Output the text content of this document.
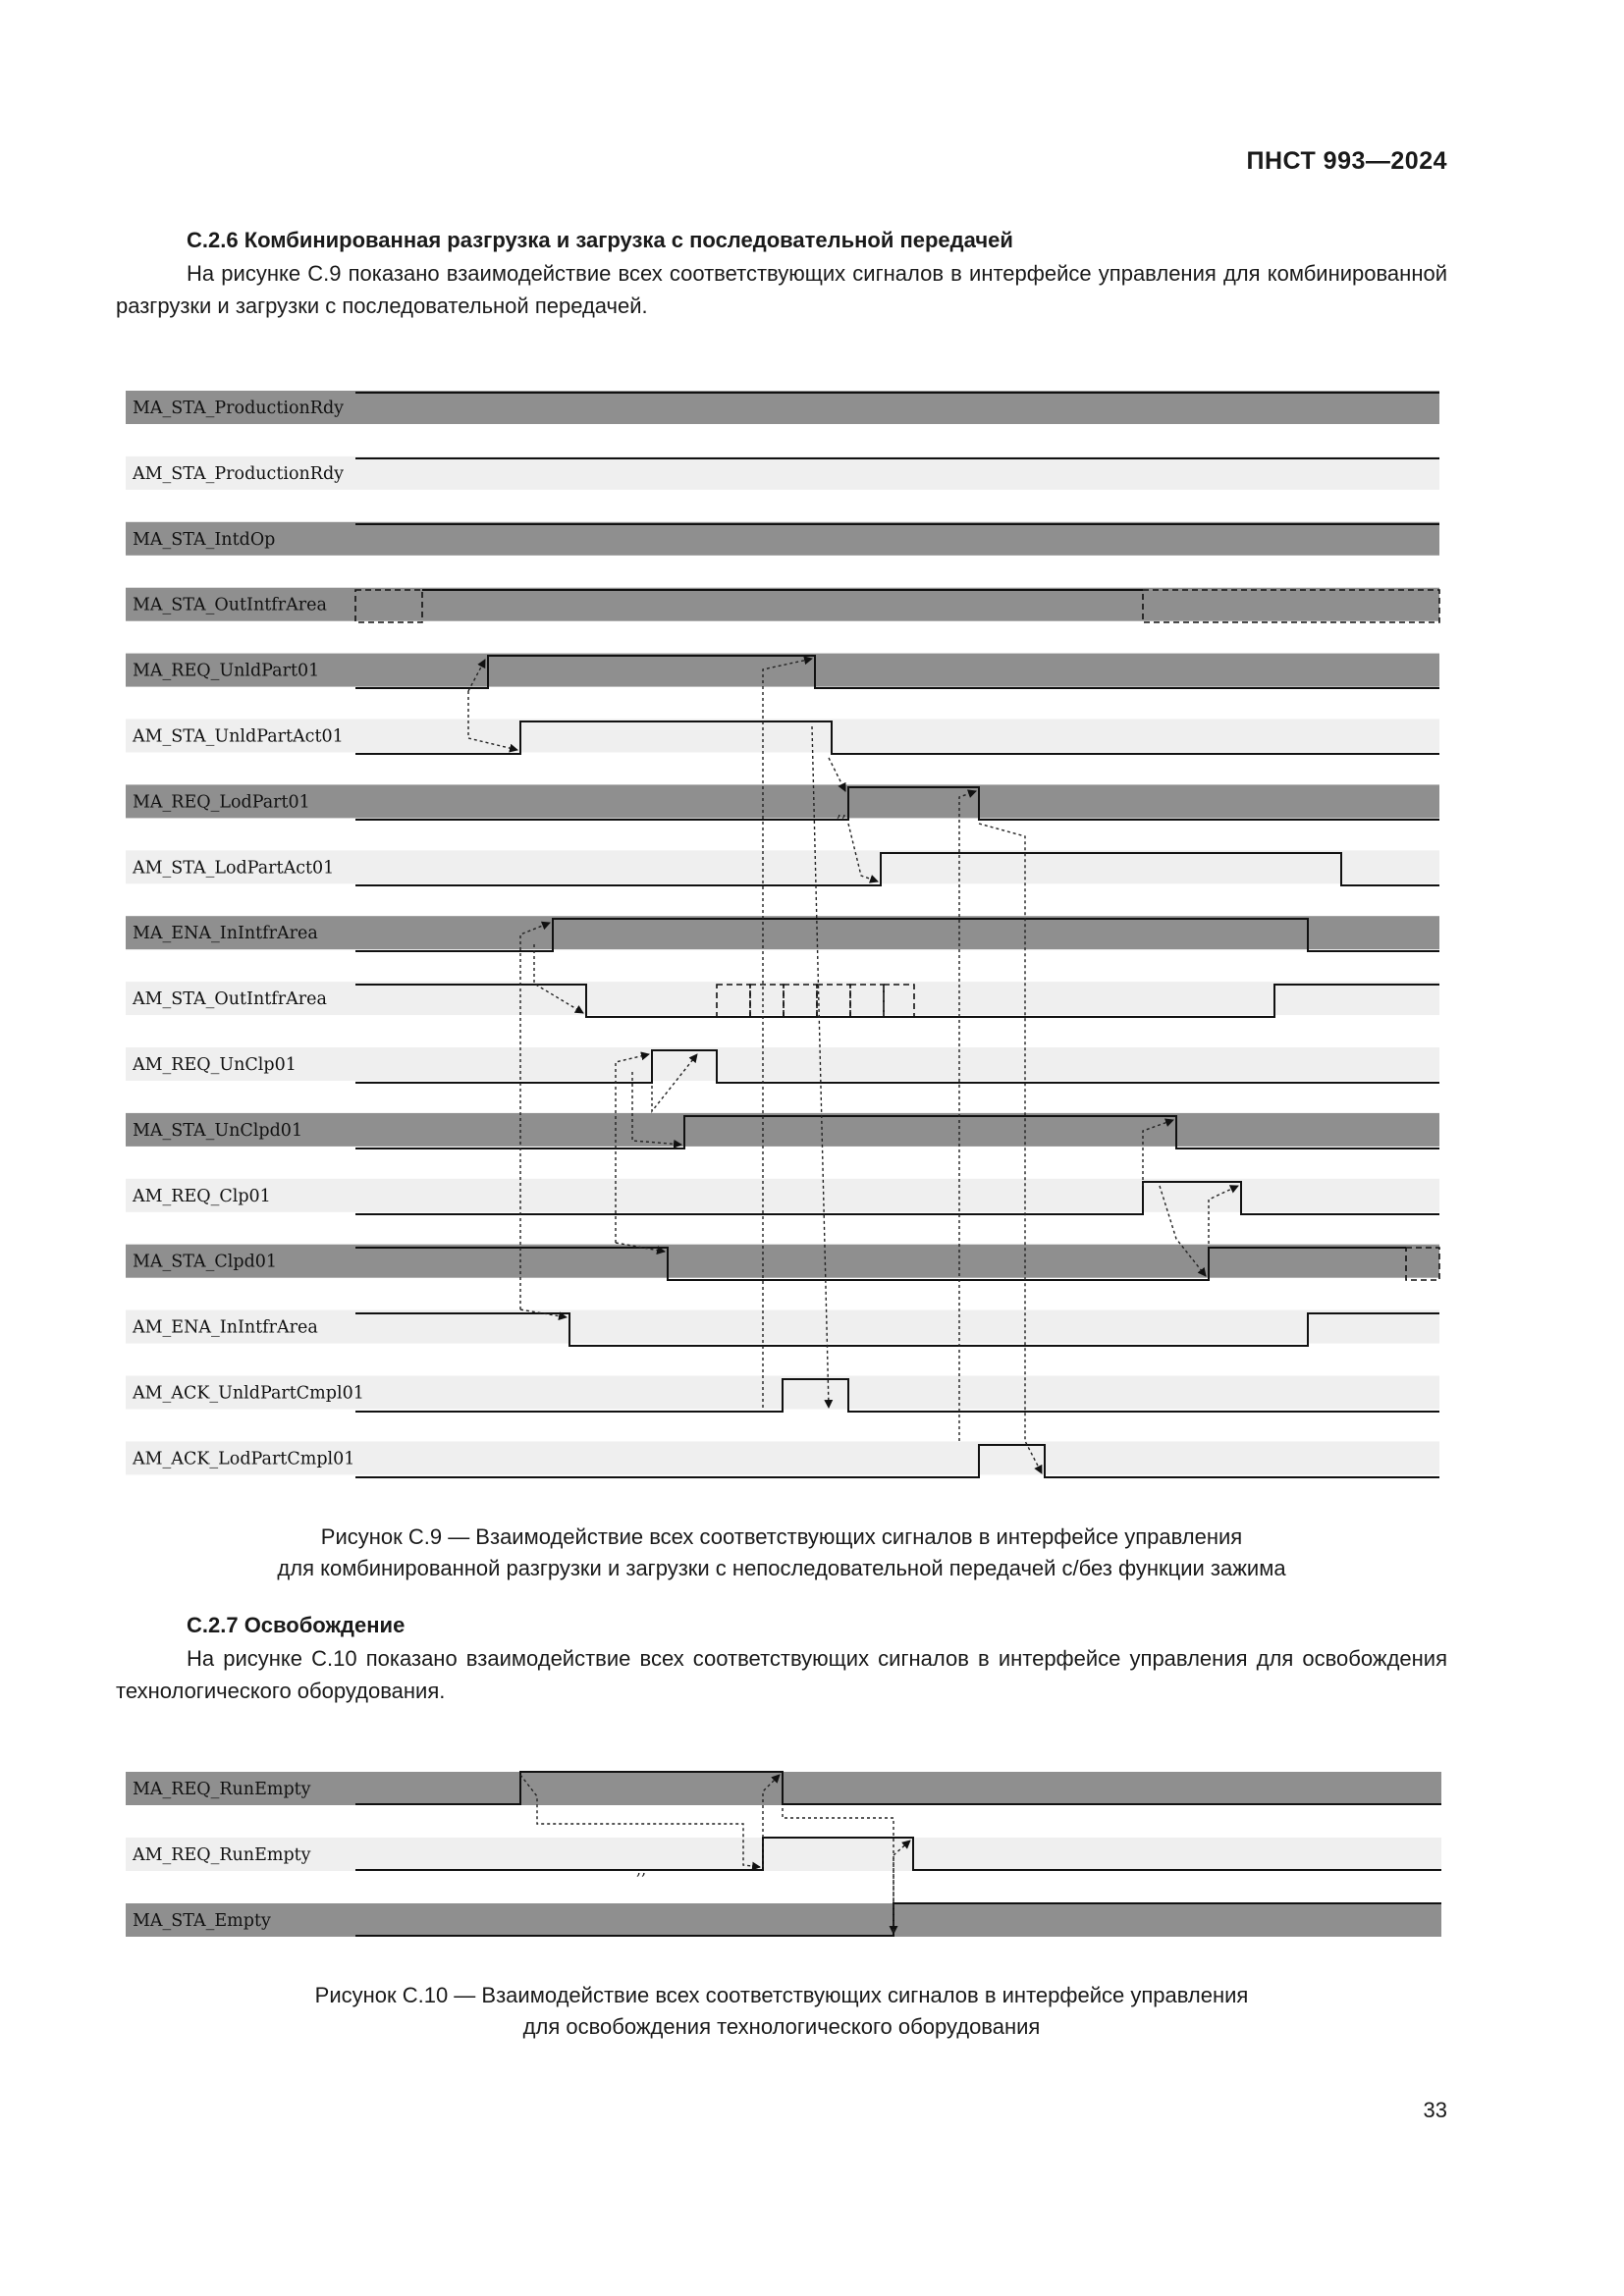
ПНСТ 993—2024
С.2.6 Комбинированная разгрузка и загрузка с последовательной передачей

На рисунке С.9 показано взаимодействие всех соответствующих сигналов в интерфейсе управления для комбинированной разгрузки и загрузки с последовательной передачей.

MA_STA_ProductionRdy
AM_STA_ProductionRdy
MA_STA_IntdOp
MA_STA_OutIntfrArea
MA_REQ_UnldPart01
AM_STA_UnldPartAct01
MA_REQ_LodPart01
AM_STA_LodPartAct01
MA_ENA_InIntfrArea
AM_STA_OutIntfrArea
AM_REQ_UnClp01
MA_STA_UnClpd01
AM_REQ_Clp01
MA_STA_Clpd01
AM_ENA_InIntfrArea
AM_ACK_UnldPartCmpl01
AM_ACK_LodPartCmpl01
,,
Рисунок С.9 — Взаимодействие всех соответствующих сигналов в интерфейсе управления
для комбинированной разгрузки и загрузки с непоследовательной передачей с/без функции зажима
С.2.7 Освобождение

На рисунке С.10 показано взаимодействие всех соответствующих сигналов в интерфейсе управления для освобождения технологического оборудования.

MA_REQ_RunEmpty
AM_REQ_RunEmpty
MA_STA_Empty
,,
Рисунок С.10 — Взаимодействие всех соответствующих сигналов в интерфейсе управления
для освобождения технологического оборудования
33
